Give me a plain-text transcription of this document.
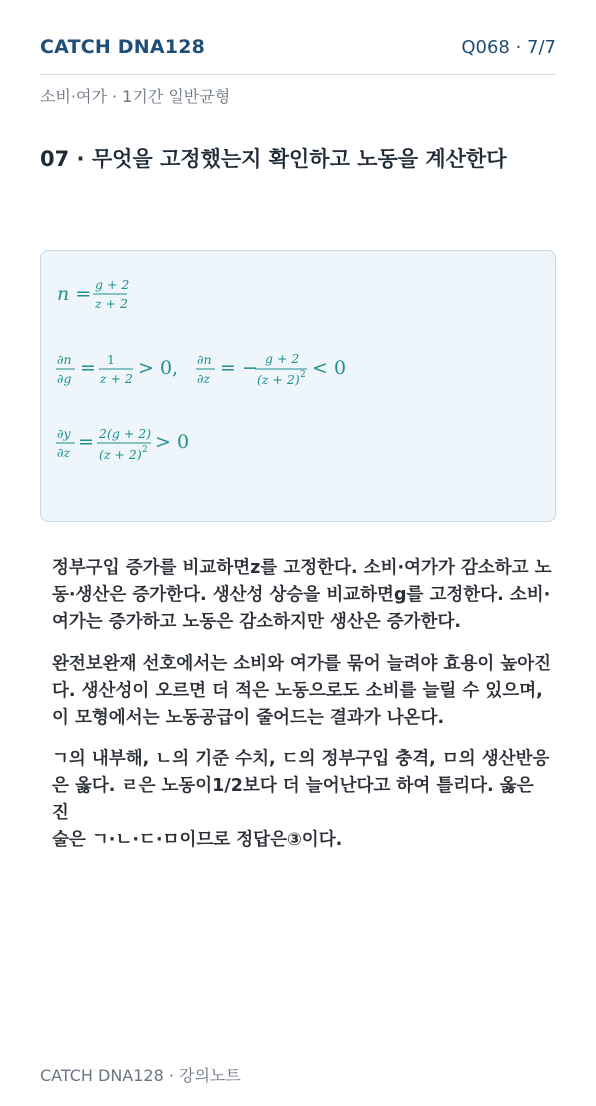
CATCH DNA128	Q068 · 7/7
소비·여가 · 1기간 일반균형
07 · 무엇을 고정했는지 확인하고 노동을 계산한다
n = g + 2
z + 2
∂n
∂g = 1
z + 2 > 0, ∂n
∂z = − g + 2
(z + 2) 2 < 0
∂y
∂z = 2(g + 2)
(z + 2) 2 > 0
정부구입 증가를 비교하면z를 고정한다. 소비·여가가 감소하고 노
동·생산은 증가한다. 생산성 상승을 비교하면g를 고정한다. 소비·
여가는 증가하고 노동은 감소하지만 생산은 증가한다.
완전보완재 선호에서는 소비와 여가를 묶어 늘려야 효용이 높아진
다. 생산성이 오르면 더 적은 노동으로도 소비를 늘릴 수 있으며,
이 모형에서는 노동공급이 줄어드는 결과가 나온다.
ㄱ의 내부해, ㄴ의 기준 수치, ㄷ의 정부구입 충격, ㅁ의 생산반응
은 옳다. ㄹ은 노동이1/2보다 더 늘어난다고 하여 틀리다. 옳은 진
술은 ㄱ·ㄴ·ㄷ·ㅁ이므로 정답은③이다.
CATCH DNA128 · 강의노트
